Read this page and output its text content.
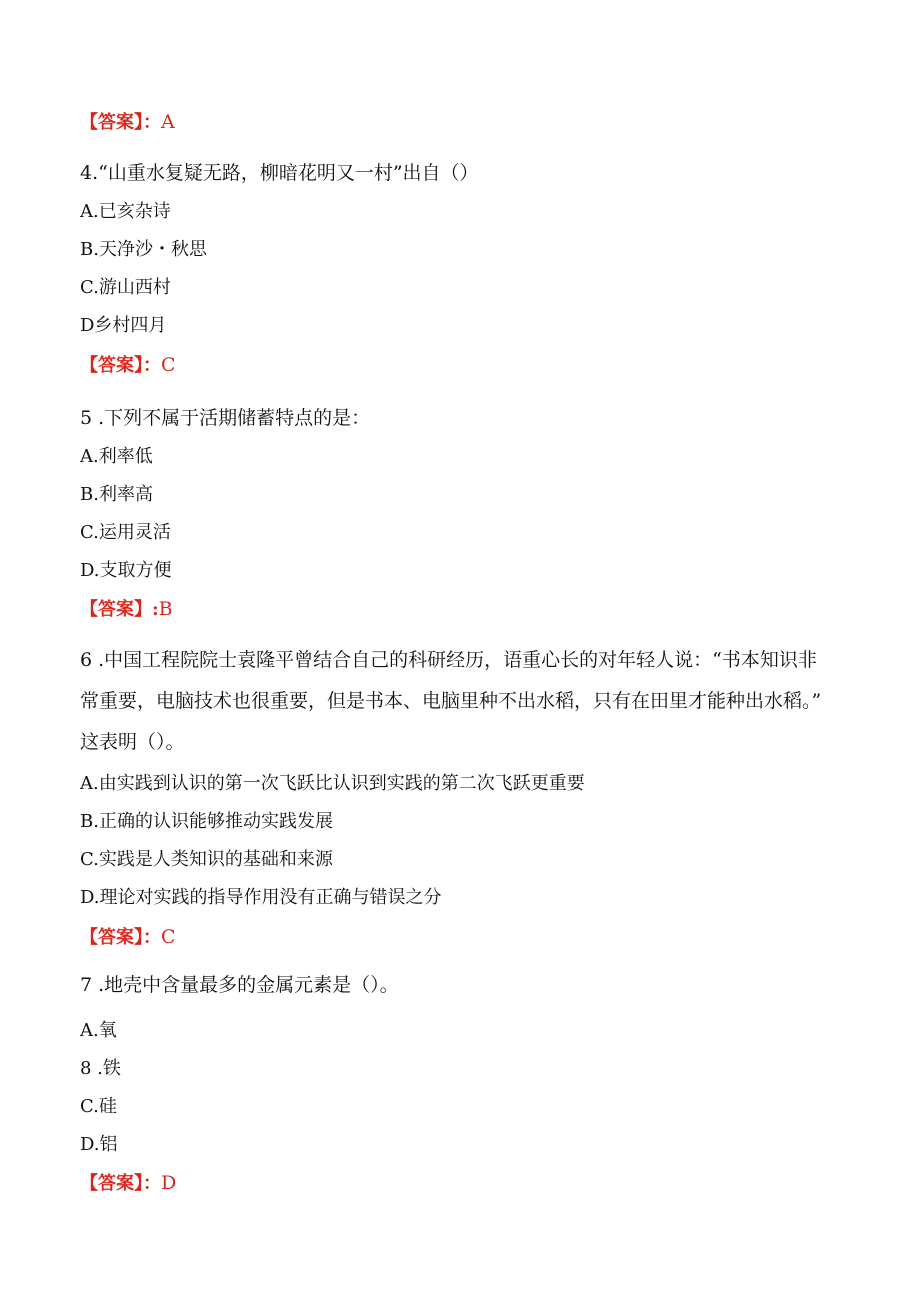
【答案】：A
4.“山重水复疑无路，柳暗花明又一村”出自（）
A.已亥杂诗
B.天净沙・秋思
C.游山西村
D乡村四月
【答案】：C
5 .下列不属于活期储蓄特点的是：
A.利率低
B.利率高
C.运用灵活
D.支取方便
【答案】:B
6 .中国工程院院士袁隆平曾结合自己的科研经历，语重心长的对年轻人说：“书本知识非
常重要，电脑技术也很重要，但是书本、电脑里种不出水稻，只有在田里才能种出水稻。”
这表明（）。
A.由实践到认识的第一次飞跃比认识到实践的第二次飞跃更重要
B.正确的认识能够推动实践发展
C.实践是人类知识的基础和来源
D.理论对实践的指导作用没有正确与错误之分
【答案】：C
7 .地壳中含量最多的金属元素是（）。
A.氧
8 .铁
C.硅
D.铝
【答案】：D
